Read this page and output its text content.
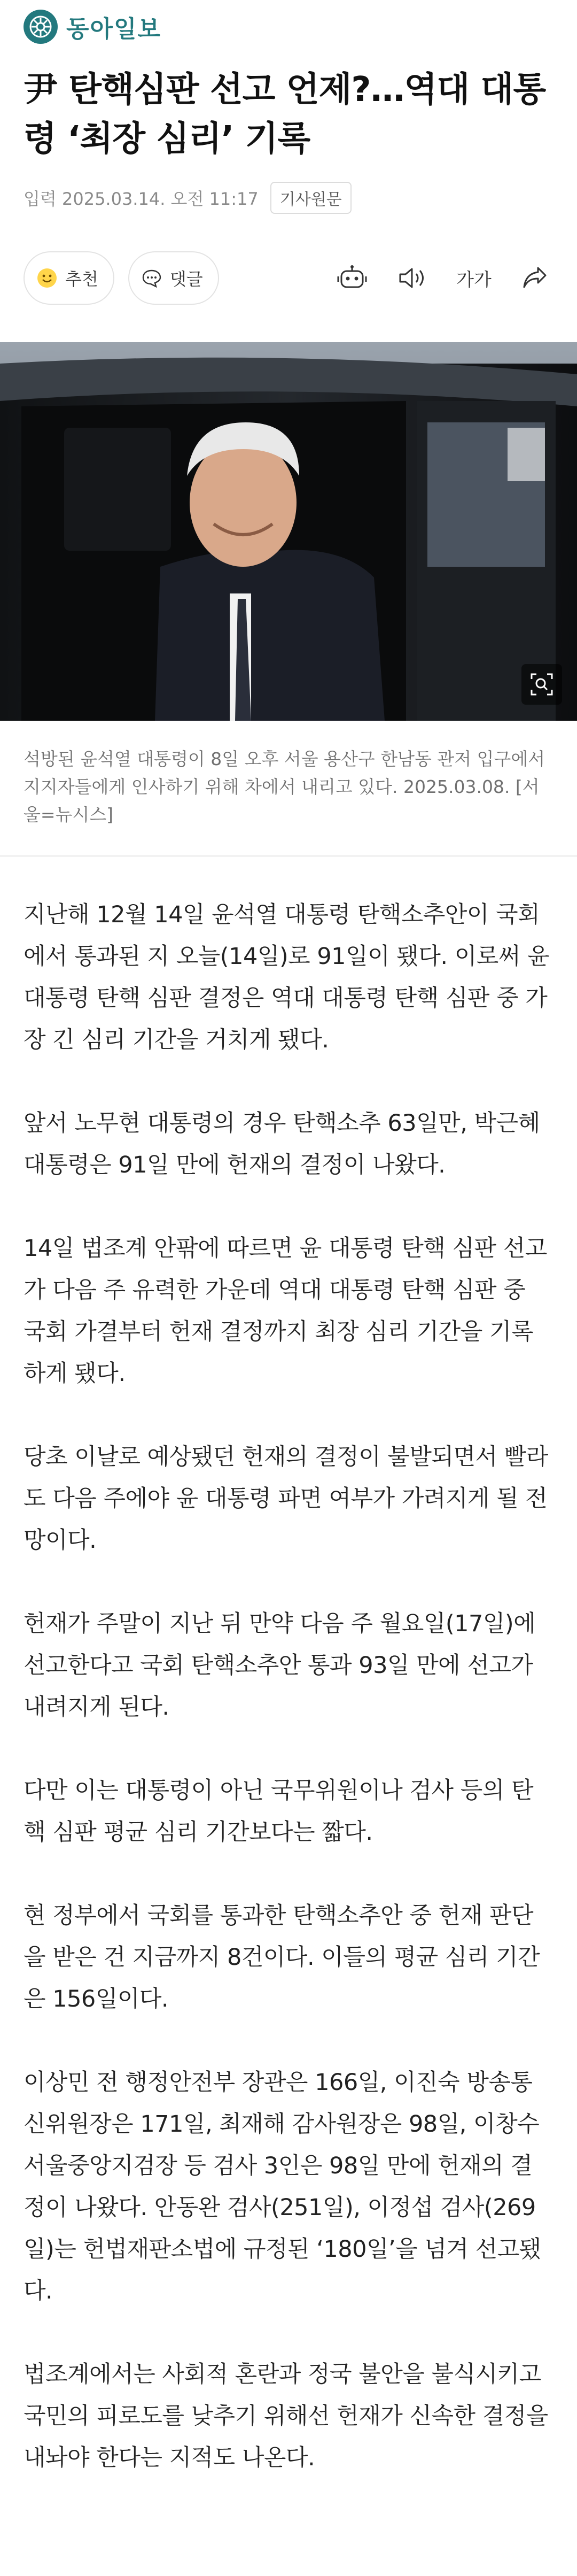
동아일보
尹 탄핵심판 선고 언제?…역대 대통령 ‘최장 심리’ 기록
입력 2025.03.14. 오전 11:17	기사원문
추천	댓글	가가

석방된 윤석열 대통령이 8일 오후 서울 용산구 한남동 관저 입구에서 지지자들에게 인사하기 위해 차에서 내리고 있다. 2025.03.08. [서울=뉴시스]

지난해 12월 14일 윤석열 대통령 탄핵소추안이 국회에서 통과된 지 오늘(14일)로 91일이 됐다. 이로써 윤 대통령 탄핵 심판 결정은 역대 대통령 탄핵 심판 중 가장 긴 심리 기간을 거치게 됐다.

앞서 노무현 대통령의 경우 탄핵소추 63일만, 박근혜 대통령은 91일 만에 헌재의 결정이 나왔다.

14일 법조계 안팎에 따르면 윤 대통령 탄핵 심판 선고가 다음 주 유력한 가운데 역대 대통령 탄핵 심판 중 국회 가결부터 헌재 결정까지 최장 심리 기간을 기록하게 됐다.

당초 이날로 예상됐던 헌재의 결정이 불발되면서 빨라도 다음 주에야 윤 대통령 파면 여부가 가려지게 될 전망이다.

헌재가 주말이 지난 뒤 만약 다음 주 월요일(17일)에 선고한다고 국회 탄핵소추안 통과 93일 만에 선고가 내려지게 된다.

다만 이는 대통령이 아닌 국무위원이나 검사 등의 탄핵 심판 평균 심리 기간보다는 짧다.

현 정부에서 국회를 통과한 탄핵소추안 중 헌재 판단을 받은 건 지금까지 8건이다. 이들의 평균 심리 기간은 156일이다.

이상민 전 행정안전부 장관은 166일, 이진숙 방송통신위원장은 171일, 최재해 감사원장은 98일, 이창수 서울중앙지검장 등 검사 3인은 98일 만에 헌재의 결정이 나왔다. 안동완 검사(251일), 이정섭 검사(269일)는 헌법재판소법에 규정된 ‘180일’을 넘겨 선고됐다.

법조계에서는 사회적 혼란과 정국 불안을 불식시키고 국민의 피로도를 낮추기 위해선 헌재가 신속한 결정을 내놔야 한다는 지적도 나온다.
